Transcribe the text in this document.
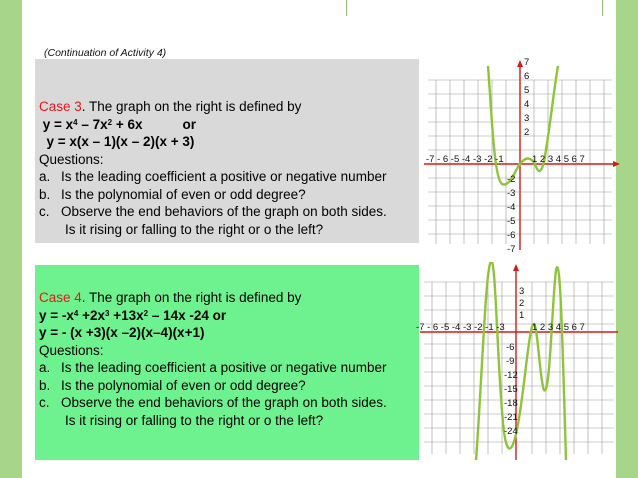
(Continuation of Activity 4)

Case 3. The graph on the right is defined by

$y = x^4 - 7x^2 + 6x$	or

y = x(x – 1)(x – 2)(x + 3)

Questions:

a. Is the leading coefficient a positive or negative number

b. Is the polynomial of even or odd degree?

c. Observe the end behaviors of the graph on both sides.

Is it rising or falling to the right or o the left?

Case 4. The graph on the right is defined by

$y = -x^4 +2x^3 +13x^2 - 14x$ -24 or

y = - (x +3)(x –2)(x–4)(x+1)

Questions:

a. Is the leading coefficient a positive or negative number

b. Is the polynomial of even or odd degree?

c. Observe the end behaviors of the graph on both sides.

Is it rising or falling to the right or o the left?

7
6
5
4
3
2
-2
-3
-4
-5
-6
-7
-7 - 6 -5 -4 -3 -2 -1	1 2 3 4 5 6 7
3
2
1
-6
-9
-12
-15
-18
-21
-24
-7 - 6 -5 -4 -3 -2 -1 -3	1 2 3 4 5 6 7
